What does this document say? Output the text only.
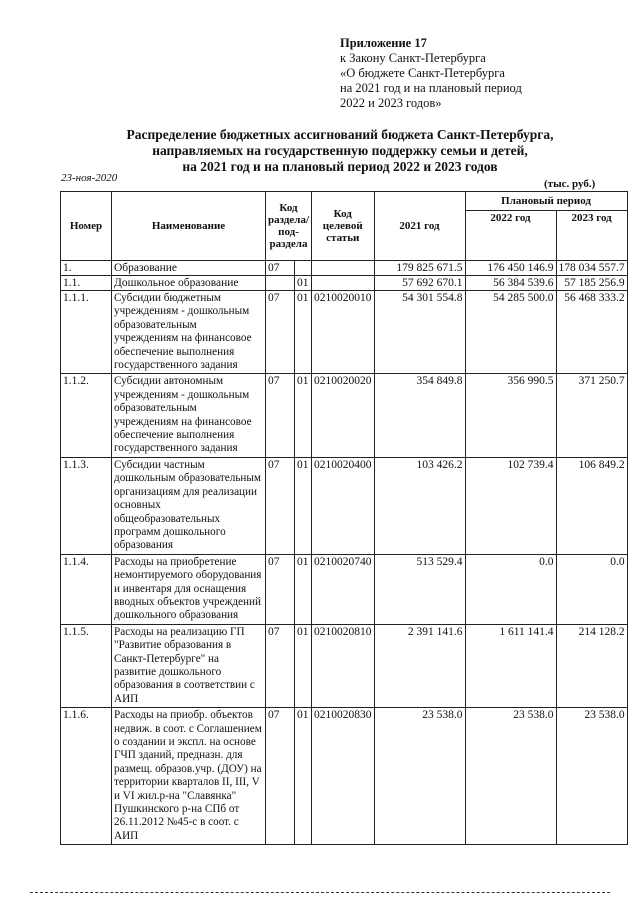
Приложение 17
к Закону Санкт-Петербурга
«О бюджете Санкт-Петербурга
на 2021 год и на плановый период
2022 и 2023 годов»
Распределение бюджетных ассигнований бюджета Санкт-Петербурга,
направляемых на государственную поддержку семьи и детей,
на 2021 год и на плановый период 2022 и 2023 годов
23-ноя-2020	(тыс. руб.)
Номер	Наименование	Код раздела/ под-раздела		Код целевой статьи	2021 год	Плановый период	
						2022 год	2023 год
1.	Образование	07			179 825 671.5	176 450 146.9	178 034 557.7
1.1.	Дошкольное образование		01		57 692 670.1	56 384 539.6	57 185 256.9
1.1.1.	Субсидии бюджетным учреждениям - дошкольным образовательным учреждениям на финансовое обеспечение выполнения государственного задания	07	01	0210020010	54 301 554.8	54 285 500.0	56 468 333.2
1.1.2.	Субсидии автономным учреждениям - дошкольным образовательным учреждениям на финансовое обеспечение выполнения государственного задания	07	01	0210020020	354 849.8	356 990.5	371 250.7
1.1.3.	Субсидии частным дошкольным образовательным организациям для реализации основных общеобразовательных программ дошкольного образования	07	01	0210020400	103 426.2	102 739.4	106 849.2
1.1.4.	Расходы на приобретение немонтируемого оборудования и инвентаря для оснащения вводных объектов учреждений дошкольного образования	07	01	0210020740	513 529.4	0.0	0.0
1.1.5.	Расходы на реализацию ГП "Развитие образования в Санкт-Петербурге" на развитие дошкольного образования в соответствии с АИП	07	01	0210020810	2 391 141.6	1 611 141.4	214 128.2
1.1.6.	Расходы на приобр. объектов недвиж. в соот. с Соглашением о создании и экспл. на основе ГЧП зданий, предназн. для размещ. образов.учр. (ДОУ) на территории кварталов II, III, V и VI жил.р-на "Славянка" Пушкинского р-на СПб от 26.11.2012 №45-с в соот. с АИП	07	01	0210020830	23 538.0	23 538.0	23 538.0
